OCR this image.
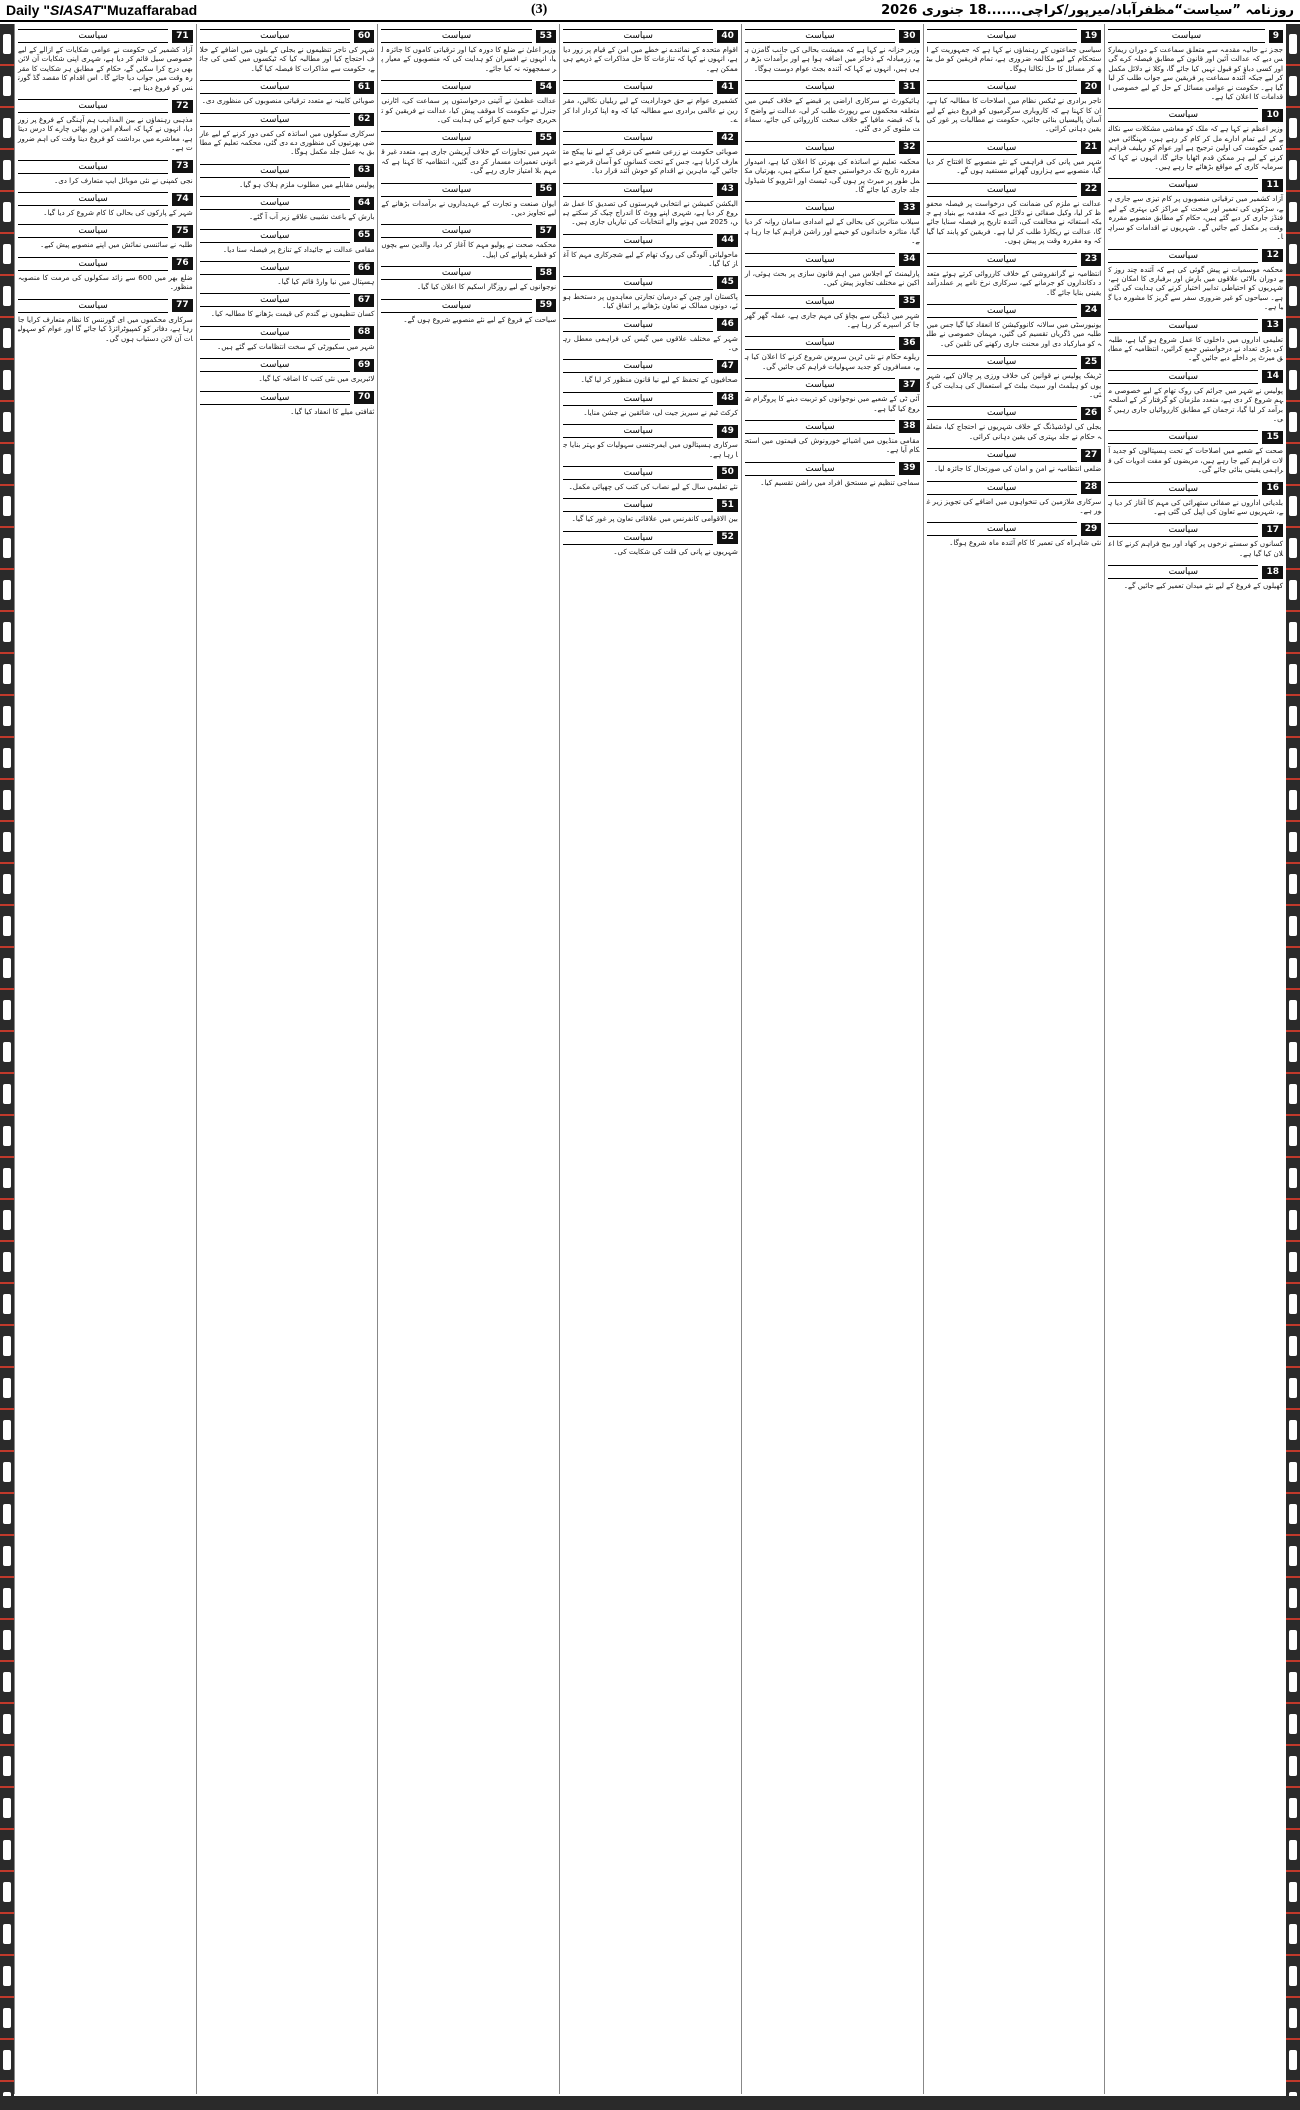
Daily "SIASAT"Muzaffarabad	(3)	روزنامہ ”سیاست“مظفرآباد/میرپور/کراچی.......18 جنوری 2026
سیاست	9
ججز نے حالیہ مقدمہ سے متعلق سماعت کے دوران ریمارکس دیے کہ عدالت آئین اور قانون کے مطابق فیصلہ کرے گی اور کسی دباؤ کو قبول نہیں کیا جائے گا، وکلا نے دلائل مکمل کر لیے جبکہ آئندہ سماعت پر فریقین سے جواب طلب کر لیا گیا ہے۔ حکومت نے عوامی مسائل کے حل کے لیے خصوصی اقدامات کا اعلان کیا ہے۔
سیاست	10
وزیر اعظم نے کہا ہے کہ ملک کو معاشی مشکلات سے نکالنے کے لیے تمام ادارے مل کر کام کر رہے ہیں، مہنگائی میں کمی حکومت کی اولین ترجیح ہے اور عوام کو ریلیف فراہم کرنے کے لیے ہر ممکن قدم اٹھایا جائے گا، انہوں نے کہا کہ سرمایہ کاری کے مواقع بڑھائے جا رہے ہیں۔
سیاست	11
آزاد کشمیر میں ترقیاتی منصوبوں پر کام تیزی سے جاری ہے، سڑکوں کی تعمیر اور صحت کے مراکز کی بہتری کے لیے فنڈز جاری کر دیے گئے ہیں، حکام کے مطابق منصوبے مقررہ وقت پر مکمل کیے جائیں گے۔ شہریوں نے اقدامات کو سراہا۔
سیاست	12
محکمہ موسمیات نے پیش گوئی کی ہے کہ آئندہ چند روز کے دوران بالائی علاقوں میں بارش اور برفباری کا امکان ہے، شہریوں کو احتیاطی تدابیر اختیار کرنے کی ہدایت کی گئی ہے۔ سیاحوں کو غیر ضروری سفر سے گریز کا مشورہ دیا گیا ہے۔
سیاست	13
تعلیمی اداروں میں داخلوں کا عمل شروع ہو گیا ہے، طلبہ کی بڑی تعداد نے درخواستیں جمع کرائیں، انتظامیہ کے مطابق میرٹ پر داخلے دیے جائیں گے۔
سیاست	14
پولیس نے شہر میں جرائم کی روک تھام کے لیے خصوصی مہم شروع کر دی ہے، متعدد ملزمان کو گرفتار کر کے اسلحہ برآمد کر لیا گیا، ترجمان کے مطابق کارروائیاں جاری رہیں گی۔
سیاست	15
صحت کے شعبے میں اصلاحات کے تحت ہسپتالوں کو جدید آلات فراہم کیے جا رہے ہیں، مریضوں کو مفت ادویات کی فراہمی یقینی بنائی جائے گی۔
سیاست	16
بلدیاتی اداروں نے صفائی ستھرائی کی مہم کا آغاز کر دیا ہے، شہریوں سے تعاون کی اپیل کی گئی ہے۔
سیاست	17
کسانوں کو سستے نرخوں پر کھاد اور بیج فراہم کرنے کا اعلان کیا گیا ہے۔
سیاست	18
کھیلوں کے فروغ کے لیے نئے میدان تعمیر کیے جائیں گے۔
سیاست	19
سیاسی جماعتوں کے رہنماؤں نے کہا ہے کہ جمہوریت کے استحکام کے لیے مکالمہ ضروری ہے، تمام فریقین کو مل بیٹھ کر مسائل کا حل نکالنا ہوگا۔
سیاست	20
تاجر برادری نے ٹیکس نظام میں اصلاحات کا مطالبہ کیا ہے، ان کا کہنا ہے کہ کاروباری سرگرمیوں کو فروغ دینے کے لیے آسان پالیسیاں بنائی جائیں، حکومت نے مطالبات پر غور کی یقین دہانی کرائی۔
سیاست	21
شہر میں پانی کی فراہمی کے نئے منصوبے کا افتتاح کر دیا گیا، منصوبے سے ہزاروں گھرانے مستفید ہوں گے۔
سیاست	22
عدالت نے ملزم کی ضمانت کی درخواست پر فیصلہ محفوظ کر لیا، وکیل صفائی نے دلائل دیے کہ مقدمہ بے بنیاد ہے جبکہ استغاثہ نے مخالفت کی، آئندہ تاریخ پر فیصلہ سنایا جائے گا، عدالت نے ریکارڈ طلب کر لیا ہے۔ فریقین کو پابند کیا گیا کہ وہ مقررہ وقت پر پیش ہوں۔
سیاست	23
انتظامیہ نے گرانفروشی کے خلاف کارروائی کرتے ہوئے متعدد دکانداروں کو جرمانے کیے، سرکاری نرخ نامے پر عملدرآمد یقینی بنایا جائے گا۔
سیاست	24
یونیورسٹی میں سالانہ کانووکیشن کا انعقاد کیا گیا جس میں طلبہ میں ڈگریاں تقسیم کی گئیں، مہمان خصوصی نے طلبہ کو مبارکباد دی اور محنت جاری رکھنے کی تلقین کی۔
سیاست	25
ٹریفک پولیس نے قوانین کی خلاف ورزی پر چالان کیے، شہریوں کو ہیلمٹ اور سیٹ بیلٹ کے استعمال کی ہدایت کی گئی۔
سیاست	26
بجلی کی لوڈشیڈنگ کے خلاف شہریوں نے احتجاج کیا، متعلقہ حکام نے جلد بہتری کی یقین دہانی کرائی۔
سیاست	27
ضلعی انتظامیہ نے امن و امان کی صورتحال کا جائزہ لیا۔
سیاست	28
سرکاری ملازمین کی تنخواہوں میں اضافے کی تجویز زیر غور ہے۔
سیاست	29
نئی شاہراہ کی تعمیر کا کام آئندہ ماہ شروع ہوگا۔
سیاست	30
وزیر خزانہ نے کہا ہے کہ معیشت بحالی کی جانب گامزن ہے، زرمبادلہ کے ذخائر میں اضافہ ہوا ہے اور برآمدات بڑھ رہی ہیں، انہوں نے کہا کہ آئندہ بجٹ عوام دوست ہوگا۔
سیاست	31
ہائیکورٹ نے سرکاری اراضی پر قبضے کے خلاف کیس میں متعلقہ محکموں سے رپورٹ طلب کر لی، عدالت نے واضح کیا کہ قبضہ مافیا کے خلاف سخت کارروائی کی جائے، سماعت ملتوی کر دی گئی۔
سیاست	32
محکمہ تعلیم نے اساتذہ کی بھرتی کا اعلان کیا ہے، امیدوار مقررہ تاریخ تک درخواستیں جمع کرا سکتے ہیں، بھرتیاں مکمل طور پر میرٹ پر ہوں گی، ٹیسٹ اور انٹرویو کا شیڈول جلد جاری کیا جائے گا۔
سیاست	33
سیلاب متاثرین کی بحالی کے لیے امدادی سامان روانہ کر دیا گیا، متاثرہ خاندانوں کو خیمے اور راشن فراہم کیا جا رہا ہے۔
سیاست	34
پارلیمنٹ کے اجلاس میں اہم قانون سازی پر بحث ہوئی، اراکین نے مختلف تجاویز پیش کیں۔
سیاست	35
شہر میں ڈینگی سے بچاؤ کی مہم جاری ہے، عملہ گھر گھر جا کر اسپرے کر رہا ہے۔
سیاست	36
ریلوے حکام نے نئی ٹرین سروس شروع کرنے کا اعلان کیا ہے، مسافروں کو جدید سہولیات فراہم کی جائیں گی۔
سیاست	37
آئی ٹی کے شعبے میں نوجوانوں کو تربیت دینے کا پروگرام شروع کیا گیا ہے۔
سیاست	38
مقامی منڈیوں میں اشیائے خورونوش کی قیمتوں میں استحکام آیا ہے۔
سیاست	39
سماجی تنظیم نے مستحق افراد میں راشن تقسیم کیا۔
سیاست	40
اقوام متحدہ کے نمائندے نے خطے میں امن کے قیام پر زور دیا ہے، انہوں نے کہا کہ تنازعات کا حل مذاکرات کے ذریعے ہی ممکن ہے۔
سیاست	41
کشمیری عوام نے حق خودارادیت کے لیے ریلیاں نکالیں، مقررین نے عالمی برادری سے مطالبہ کیا کہ وہ اپنا کردار ادا کرے۔
سیاست	42
صوبائی حکومت نے زرعی شعبے کی ترقی کے لیے نیا پیکج متعارف کرایا ہے، جس کے تحت کسانوں کو آسان قرضے دیے جائیں گے، ماہرین نے اقدام کو خوش آئند قرار دیا۔
سیاست	43
الیکشن کمیشن نے انتخابی فہرستوں کی تصدیق کا عمل شروع کر دیا ہے، شہری اپنے ووٹ کا اندراج چیک کر سکتے ہیں، 2025 میں ہونے والے انتخابات کی تیاریاں جاری ہیں۔
سیاست	44
ماحولیاتی آلودگی کی روک تھام کے لیے شجرکاری مہم کا آغاز کیا گیا۔
سیاست	45
پاکستان اور چین کے درمیان تجارتی معاہدوں پر دستخط ہوئے، دونوں ممالک نے تعاون بڑھانے پر اتفاق کیا۔
سیاست	46
شہر کے مختلف علاقوں میں گیس کی فراہمی معطل رہی۔
سیاست	47
صحافیوں کے تحفظ کے لیے نیا قانون منظور کر لیا گیا۔
سیاست	48
کرکٹ ٹیم نے سیریز جیت لی، شائقین نے جشن منایا۔
سیاست	49
سرکاری ہسپتالوں میں ایمرجنسی سہولیات کو بہتر بنایا جا رہا ہے۔
سیاست	50
نئے تعلیمی سال کے لیے نصاب کی کتب کی چھپائی مکمل۔
سیاست	51
بین الاقوامی کانفرنس میں علاقائی تعاون پر غور کیا گیا۔
سیاست	52
شہریوں نے پانی کی قلت کی شکایت کی۔
سیاست	53
وزیر اعلیٰ نے ضلع کا دورہ کیا اور ترقیاتی کاموں کا جائزہ لیا، انہوں نے افسران کو ہدایت کی کہ منصوبوں کے معیار پر سمجھوتہ نہ کیا جائے۔
سیاست	54
عدالت عظمیٰ نے آئینی درخواستوں پر سماعت کی، اٹارنی جنرل نے حکومت کا موقف پیش کیا، عدالت نے فریقین کو تحریری جواب جمع کرانے کی ہدایت کی۔
سیاست	55
شہر میں تجاوزات کے خلاف آپریشن جاری ہے، متعدد غیر قانونی تعمیرات مسمار کر دی گئیں، انتظامیہ کا کہنا ہے کہ مہم بلا امتیاز جاری رہے گی۔
سیاست	56
ایوان صنعت و تجارت کے عہدیداروں نے برآمدات بڑھانے کے لیے تجاویز دیں۔
سیاست	57
محکمہ صحت نے پولیو مہم کا آغاز کر دیا، والدین سے بچوں کو قطرے پلوانے کی اپیل۔
سیاست	58
نوجوانوں کے لیے روزگار اسکیم کا اعلان کیا گیا۔
سیاست	59
سیاحت کے فروغ کے لیے نئے منصوبے شروع ہوں گے۔
سیاست	60
شہر کی تاجر تنظیموں نے بجلی کے بلوں میں اضافے کے خلاف احتجاج کیا اور مطالبہ کیا کہ ٹیکسوں میں کمی کی جائے، حکومت سے مذاکرات کا فیصلہ کیا گیا۔
سیاست	61
صوبائی کابینہ نے متعدد ترقیاتی منصوبوں کی منظوری دی۔
سیاست	62
سرکاری سکولوں میں اساتذہ کی کمی دور کرنے کے لیے عارضی بھرتیوں کی منظوری دے دی گئی، محکمہ تعلیم کے مطابق یہ عمل جلد مکمل ہوگا۔
سیاست	63
پولیس مقابلے میں مطلوب ملزم ہلاک ہو گیا۔
سیاست	64
بارش کے باعث نشیبی علاقے زیر آب آ گئے۔
سیاست	65
مقامی عدالت نے جائیداد کے تنازع پر فیصلہ سنا دیا۔
سیاست	66
ہسپتال میں نیا وارڈ قائم کیا گیا۔
سیاست	67
کسان تنظیموں نے گندم کی قیمت بڑھانے کا مطالبہ کیا۔
سیاست	68
شہر میں سکیورٹی کے سخت انتظامات کیے گئے ہیں۔
سیاست	69
لائبریری میں نئی کتب کا اضافہ کیا گیا۔
سیاست	70
ثقافتی میلے کا انعقاد کیا گیا۔
سیاست	71
آزاد کشمیر کی حکومت نے عوامی شکایات کے ازالے کے لیے خصوصی سیل قائم کر دیا ہے، شہری اپنی شکایات آن لائن بھی درج کرا سکیں گے، حکام کے مطابق ہر شکایت کا مقررہ وقت میں جواب دیا جائے گا۔ اس اقدام کا مقصد گڈ گورننس کو فروغ دینا ہے۔
سیاست	72
مذہبی رہنماؤں نے بین المذاہب ہم آہنگی کے فروغ پر زور دیا، انہوں نے کہا کہ اسلام امن اور بھائی چارے کا درس دیتا ہے، معاشرے میں برداشت کو فروغ دینا وقت کی اہم ضرورت ہے۔
سیاست	73
نجی کمپنی نے نئی موبائل ایپ متعارف کرا دی۔
سیاست	74
شہر کے پارکوں کی بحالی کا کام شروع کر دیا گیا۔
سیاست	75
طلبہ نے سائنسی نمائش میں اپنے منصوبے پیش کیے۔
سیاست	76
ضلع بھر میں 600 سے زائد سکولوں کی مرمت کا منصوبہ منظور۔
سیاست	77
سرکاری محکموں میں ای گورننس کا نظام متعارف کرایا جا رہا ہے، دفاتر کو کمپیوٹرائزڈ کیا جائے گا اور عوام کو سہولیات آن لائن دستیاب ہوں گی۔
